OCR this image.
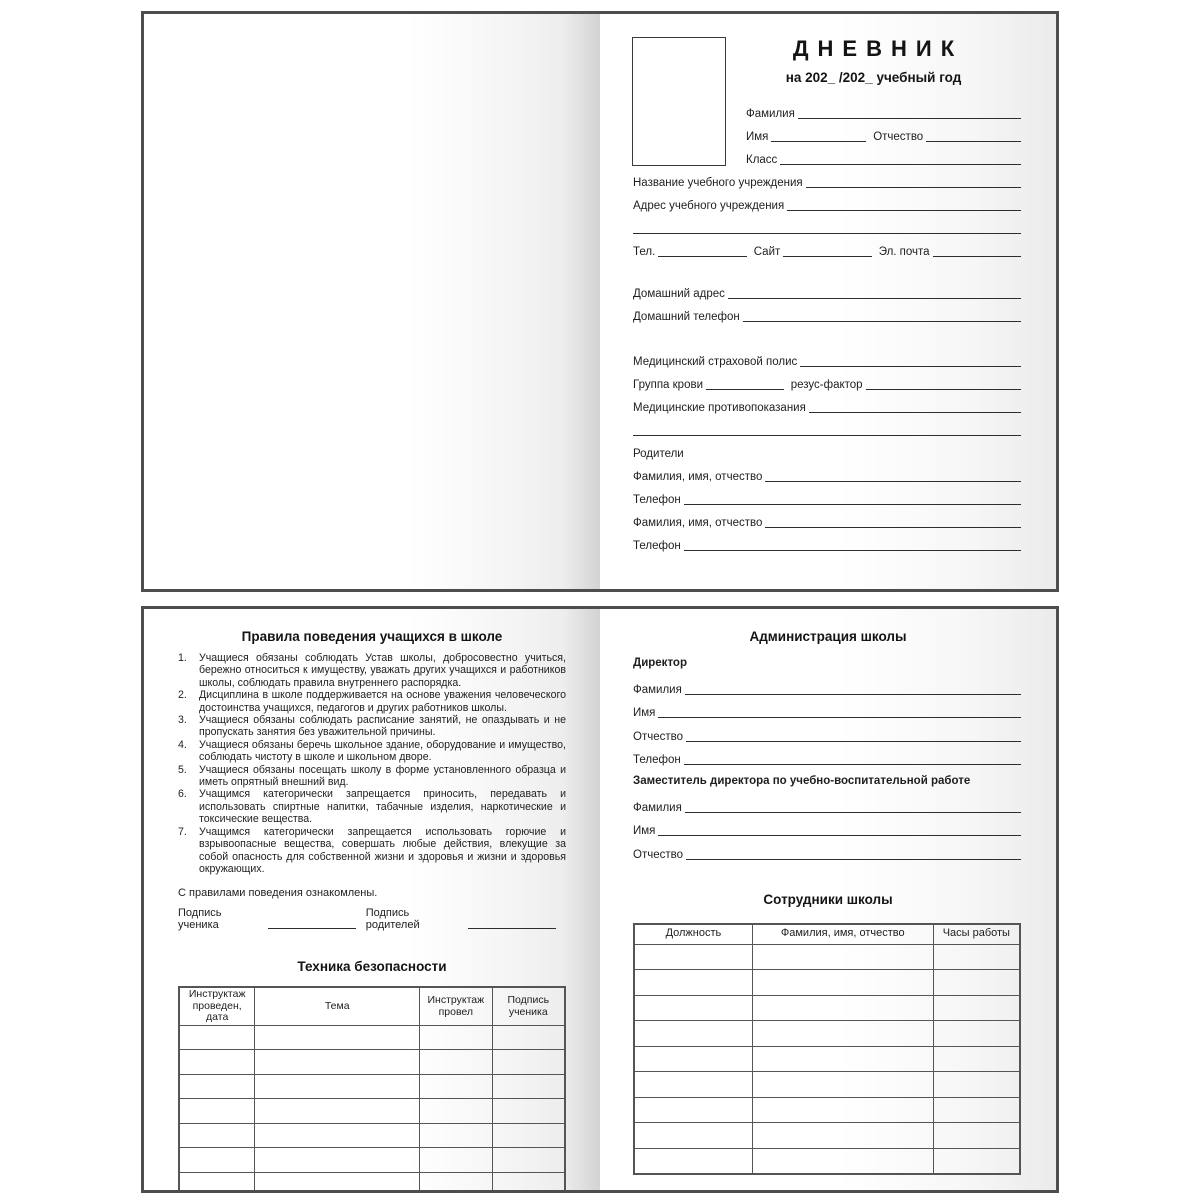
ДНЕВНИК
на 202_ /202_ учебный год
Фамилия
Имя	Отчество
Класс
Название учебного учреждения
Адрес учебного учреждения
Тел.	Сайт	Эл. почта
Домашний адрес
Домашний телефон
Медицинский страховой полис
Группа крови	резус-фактор
Медицинские противопоказания
Родители
Фамилия, имя, отчество
Телефон
Фамилия, имя, отчество
Телефон
Правила поведения учащихся в школе
Учащиеся обязаны соблюдать Устав школы, добросовестно учиться, бережно относиться к имуществу, уважать других учащихся и работников школы, соблюдать правила внутреннего распорядка.
Дисциплина в школе поддерживается на основе уважения человеческого достоинства учащихся, педагогов и других работников школы.
Учащиеся обязаны соблюдать расписание занятий, не опаздывать и не пропускать занятия без уважительной причины.
Учащиеся обязаны беречь школьное здание, оборудование и имущество, соблюдать чистоту в школе и школьном дворе.
Учащиеся обязаны посещать школу в форме установленного образца и иметь опрятный внешний вид.
Учащимся категорически запрещается приносить, передавать и использовать спиртные напитки, табачные изделия, наркотические и токсические вещества.
Учащимся категорически запрещается использовать горючие и взрывоопасные вещества, совершать любые действия, влекущие за собой опасность для собственной жизни и здоровья и жизни и здоровья окружающих.
С правилами поведения ознакомлены.
Подпись ученика
Подпись родителей
Техника безопасности
Инструктаж проведен, дата	Тема	Инструктаж провел	Подпись ученика

Администрация школы
Директор
Фамилия
Имя
Отчество
Телефон
Заместитель директора по учебно-воспитательной работе
Фамилия
Имя
Отчество
Сотрудники школы
Должность	Фамилия, имя, отчество	Часы работы
